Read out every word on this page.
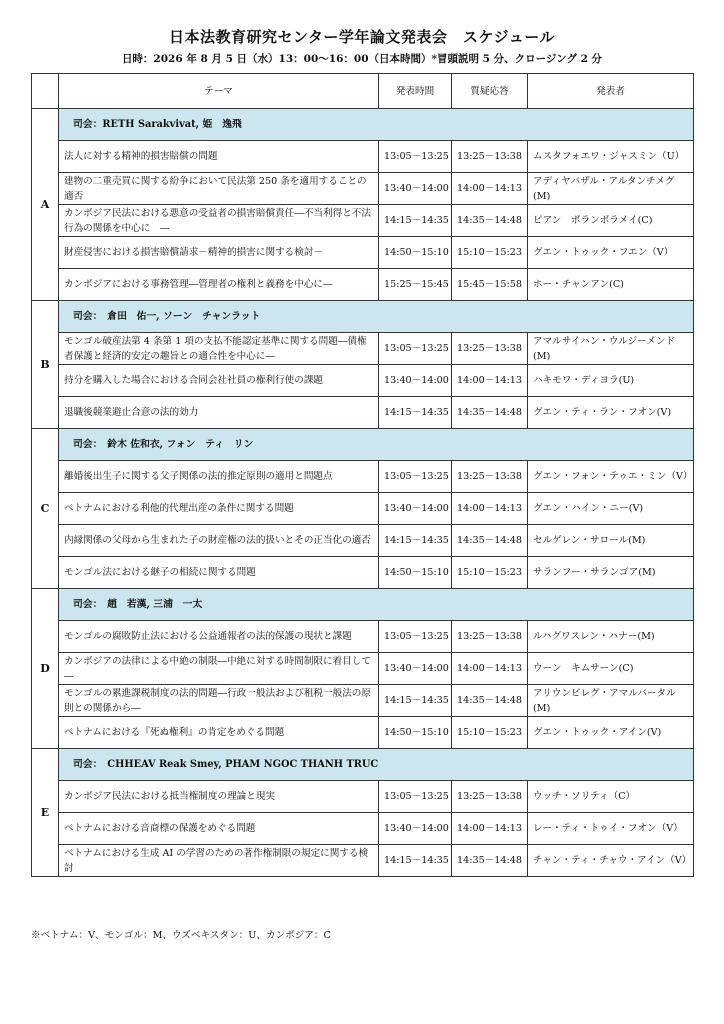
日本法教育研究センター学年論文発表会　スケジュール
日時：2026 年 8 月 5 日（水）13：00〜16：00（日本時間）*冒頭説明 5 分、クロージング 2 分
	テーマ	発表時間	質疑応答	発表者
A	司会：RETH Sarakvivat, 姫　逸飛			
	法人に対する精神的損害賠償の問題	13:05－13:25	13:25－13:38	ムスタフォエワ・ジャスミン（U）
	建物の二重売買に関する紛争において民法第 250 条を適用することの適否	13:40－14:00	14:00－14:13	アディヤバザル・アルタンチメグ(M)
	カンボジア民法における悪意の受益者の損害賠償責任―不当利得と不法行為の関係を中心に　―	14:15－14:35	14:35－14:48	ピアン　ボランボラメイ(C)
	財産侵害における損害賠償請求－精神的損害に関する検討－	14:50－15:10	15:10－15:23	グエン・トゥック・フエン（V）
	カンボジアにおける事務管理―管理者の権利と義務を中心に―	15:25－15:45	15:45－15:58	ホー・チャンアン(C)
B	司会：　倉田　佑一, ソーン　チャンラット			
	モンゴル破産法第 4 条第 1 項の支払不能認定基準に関する問題―債権者保護と経済的安定の趣旨との適合性を中心に―	13:05－13:25	13:25－13:38	アマルサイハン・ウルジーメンド(M)
	持分を購入した場合における合同会社社員の権利行使の課題	13:40－14:00	14:00－14:13	ハキモワ・ディヨラ(U)
	退職後競業避止合意の法的効力	14:15－14:35	14:35－14:48	グエン・ティ・ラン・フオン(V)
C	司会：　鈴木 佐和衣, フォン　ティ　リン			
	離婚後出生子に関する父子関係の法的推定原則の適用と問題点	13:05－13:25	13:25－13:38	グエン・フォン・テゥエ・ミン（V）
	ベトナムにおける利他的代理出産の条件に関する問題	13:40－14:00	14:00－14:13	グエン・ハイン・ニー(V)
	内縁関係の父母から生まれた子の財産権の法的扱いとその正当化の適否	14:15－14:35	14:35－14:48	セルゲレン・サロール(M)
	モンゴル法における継子の相続に関する問題	14:50－15:10	15:10－15:23	サランフー・サランゴア(M)
D	司会：　趙　若漢, 三浦　一太			
	モンゴルの腐敗防止法における公益通報者の法的保護の現状と課題	13:05－13:25	13:25－13:38	ルハグワスレン・ハナー(M)
	カンボジアの法律による中絶の制限―中絶に対する時間制限に着目して―	13:40－14:00	14:00－14:13	ウーン　キムサーン(C)
	モンゴルの累進課税制度の法的問題―行政一般法および租税一般法の原則との関係から―	14:15－14:35	14:35－14:48	アリウンビレグ・アマルバータル(M)
	ベトナムにおける『死ぬ権利』の肯定をめぐる問題	14:50－15:10	15:10－15:23	グエン・トゥック・アイン(V)
E	司会：　CHHEAV Reak Smey, PHAM NGOC THANH TRUC			
	カンボジア民法における抵当権制度の理論と現実	13:05－13:25	13:25－13:38	ウッチ・ソリティ（C）
	ベトナムにおける音商標の保護をめぐる問題	13:40－14:00	14:00－14:13	レー・ティ・トゥイ・フオン（V）
	ベトナムにおける生成 AI の学習のための著作権制限の規定に関する検討	14:15－14:35	14:35－14:48	チャン・ティ・チャウ・アイン（V）
※ベトナム：V、モンゴル：M、ウズベキスタン：U、カンボジア：C
